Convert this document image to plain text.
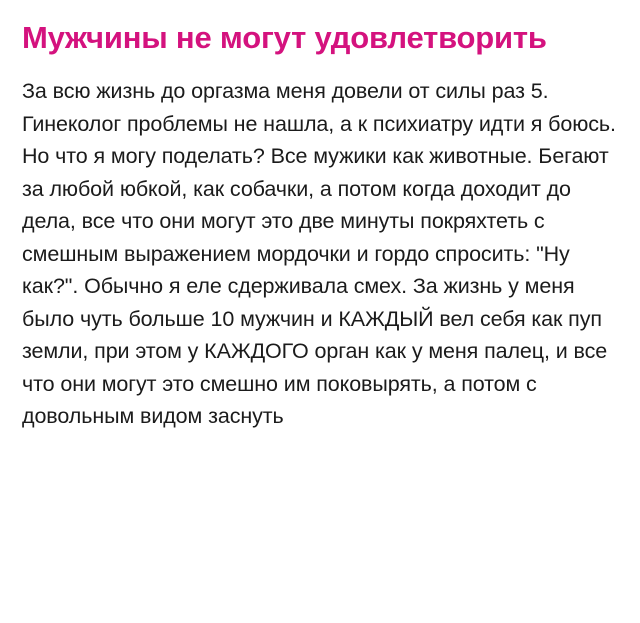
Мужчины не могут удовлетворить

За всю жизнь до оргазма меня довели от силы раз 5. Гинеколог проблемы не нашла, а к психиатру идти я боюсь. Но что я могу поделать? Все мужики как животные. Бегают за любой юбкой, как собачки, а потом когда доходит до дела, все что они могут это две минуты покряхтеть с смешным выражением мордочки и гордо спросить: "Ну как?". Обычно я еле сдерживала смех. За жизнь у меня было чуть больше 10 мужчин и КАЖДЫЙ вел себя как пуп земли, при этом у КАЖДОГО орган как у меня палец, и все что они могут это смешно им поковырять, а потом с довольным видом заснуть
